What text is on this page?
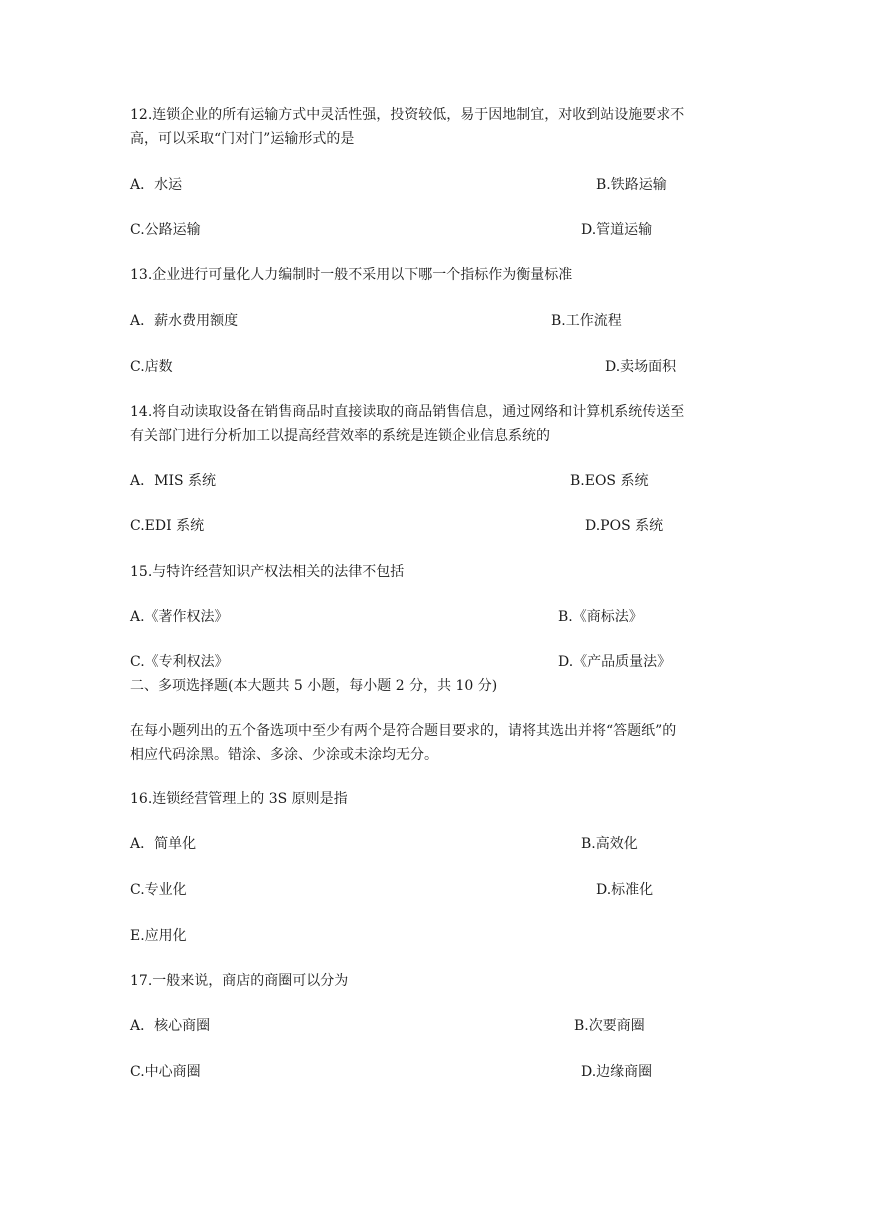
12.连锁企业的所有运输方式中灵活性强，投资较低，易于因地制宜，对收到站设施要求不
高，可以采取“门对门”运输形式的是
A．水运	B.铁路运输
C.公路运输	D.管道运输
13.企业进行可量化人力编制时一般不采用以下哪一个指标作为衡量标准
A．薪水费用额度	B.工作流程
C.店数	D.卖场面积
14.将自动读取设备在销售商品时直接读取的商品销售信息，通过网络和计算机系统传送至
有关部门进行分析加工以提高经营效率的系统是连锁企业信息系统的
A．MIS 系统	B.EOS 系统
C.EDI 系统	D.POS 系统
15.与特许经营知识产权法相关的法律不包括
A.《著作权法》	B.《商标法》
C.《专利权法》	D.《产品质量法》
二、多项选择题(本大题共 5 小题，每小题 2 分，共 10 分)
在每小题列出的五个备选项中至少有两个是符合题目要求的，请将其选出并将“答题纸”的
相应代码涂黑。错涂、多涂、少涂或未涂均无分。
16.连锁经营管理上的 3S 原则是指
A．简单化	B.高效化
C.专业化	D.标准化
E.应用化
17.一般来说，商店的商圈可以分为
A．核心商圈	B.次要商圈
C.中心商圈	D.边缘商圈
